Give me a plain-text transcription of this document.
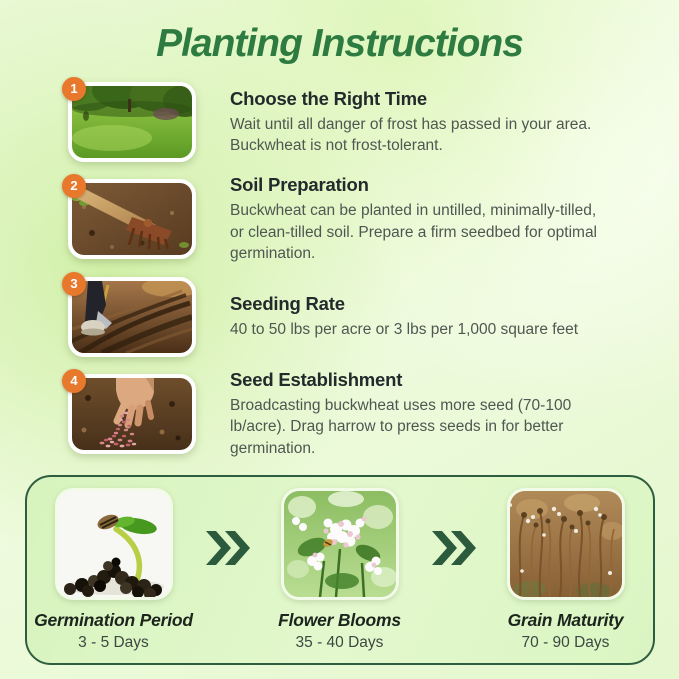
Planting Instructions
1	Choose the Right Time

Wait until all danger of frost has passed in your area. Buckwheat is not frost-tolerant.

2	Soil Preparation

Buckwheat can be planted in untilled, minimally-tilled, or clean-tilled soil. Prepare a firm seedbed for optimal germination.

3
Seeding Rate

40 to 50 lbs per acre or 3 lbs per 1,000 square feet

4	Seed Establishment

Broadcasting buckwheat uses more seed (70-100 lb/acre). Drag harrow to press seeds in for better germination.

Germination Period
3 - 5 Days
Flower Blooms
35 - 40 Days
Grain Maturity
70 - 90 Days
